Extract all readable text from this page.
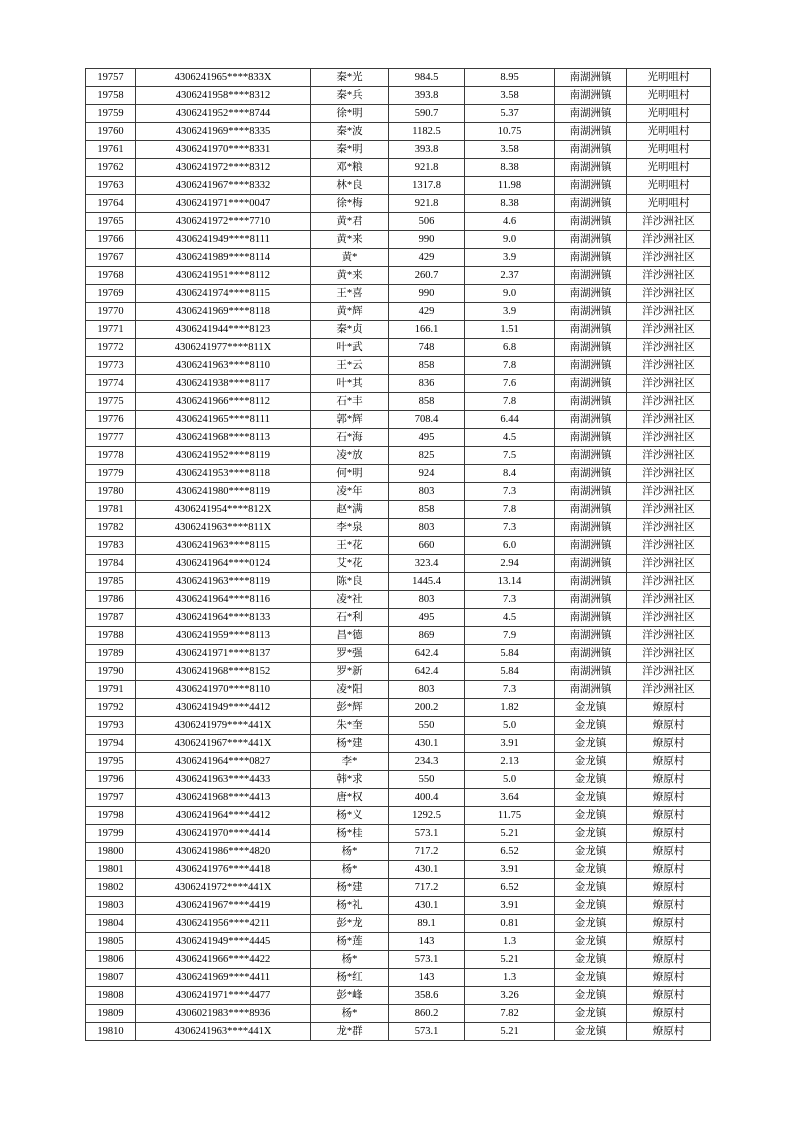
19757	4306241965****833X	秦*光	984.5	8.95	南湖洲镇	光明咀村
19758	4306241958****8312	秦*兵	393.8	3.58	南湖洲镇	光明咀村
19759	4306241952****8744	徐*明	590.7	5.37	南湖洲镇	光明咀村
19760	4306241969****8335	秦*波	1182.5	10.75	南湖洲镇	光明咀村
19761	4306241970****8331	秦*明	393.8	3.58	南湖洲镇	光明咀村
19762	4306241972****8312	邓*粮	921.8	8.38	南湖洲镇	光明咀村
19763	4306241967****8332	林*良	1317.8	11.98	南湖洲镇	光明咀村
19764	4306241971****0047	徐*梅	921.8	8.38	南湖洲镇	光明咀村
19765	4306241972****7710	黄*君	506	4.6	南湖洲镇	洋沙洲社区
19766	4306241949****8111	黄*来	990	9.0	南湖洲镇	洋沙洲社区
19767	4306241989****8114	黄*	429	3.9	南湖洲镇	洋沙洲社区
19768	4306241951****8112	黄*来	260.7	2.37	南湖洲镇	洋沙洲社区
19769	4306241974****8115	王*喜	990	9.0	南湖洲镇	洋沙洲社区
19770	4306241969****8118	黄*辉	429	3.9	南湖洲镇	洋沙洲社区
19771	4306241944****8123	秦*贞	166.1	1.51	南湖洲镇	洋沙洲社区
19772	4306241977****811X	叶*武	748	6.8	南湖洲镇	洋沙洲社区
19773	4306241963****8110	王*云	858	7.8	南湖洲镇	洋沙洲社区
19774	4306241938****8117	叶*其	836	7.6	南湖洲镇	洋沙洲社区
19775	4306241966****8112	石*丰	858	7.8	南湖洲镇	洋沙洲社区
19776	4306241965****8111	郭*辉	708.4	6.44	南湖洲镇	洋沙洲社区
19777	4306241968****8113	石*海	495	4.5	南湖洲镇	洋沙洲社区
19778	4306241952****8119	凌*放	825	7.5	南湖洲镇	洋沙洲社区
19779	4306241953****8118	何*明	924	8.4	南湖洲镇	洋沙洲社区
19780	4306241980****8119	凌*年	803	7.3	南湖洲镇	洋沙洲社区
19781	4306241954****812X	赵*满	858	7.8	南湖洲镇	洋沙洲社区
19782	4306241963****811X	李*泉	803	7.3	南湖洲镇	洋沙洲社区
19783	4306241963****8115	王*花	660	6.0	南湖洲镇	洋沙洲社区
19784	4306241964****0124	艾*花	323.4	2.94	南湖洲镇	洋沙洲社区
19785	4306241963****8119	陈*良	1445.4	13.14	南湖洲镇	洋沙洲社区
19786	4306241964****8116	凌*社	803	7.3	南湖洲镇	洋沙洲社区
19787	4306241964****8133	石*利	495	4.5	南湖洲镇	洋沙洲社区
19788	4306241959****8113	昌*德	869	7.9	南湖洲镇	洋沙洲社区
19789	4306241971****8137	罗*强	642.4	5.84	南湖洲镇	洋沙洲社区
19790	4306241968****8152	罗*新	642.4	5.84	南湖洲镇	洋沙洲社区
19791	4306241970****8110	凌*阳	803	7.3	南湖洲镇	洋沙洲社区
19792	4306241949****4412	彭*辉	200.2	1.82	金龙镇	燎原村
19793	4306241979****441X	朱*奎	550	5.0	金龙镇	燎原村
19794	4306241967****441X	杨*建	430.1	3.91	金龙镇	燎原村
19795	4306241964****0827	李*	234.3	2.13	金龙镇	燎原村
19796	4306241963****4433	韩*求	550	5.0	金龙镇	燎原村
19797	4306241968****4413	唐*权	400.4	3.64	金龙镇	燎原村
19798	4306241964****4412	杨*义	1292.5	11.75	金龙镇	燎原村
19799	4306241970****4414	杨*桂	573.1	5.21	金龙镇	燎原村
19800	4306241986****4820	杨*	717.2	6.52	金龙镇	燎原村
19801	4306241976****4418	杨*	430.1	3.91	金龙镇	燎原村
19802	4306241972****441X	杨*建	717.2	6.52	金龙镇	燎原村
19803	4306241967****4419	杨*礼	430.1	3.91	金龙镇	燎原村
19804	4306241956****4211	彭*龙	89.1	0.81	金龙镇	燎原村
19805	4306241949****4445	杨*莲	143	1.3	金龙镇	燎原村
19806	4306241966****4422	杨*	573.1	5.21	金龙镇	燎原村
19807	4306241969****4411	杨*红	143	1.3	金龙镇	燎原村
19808	4306241971****4477	彭*峰	358.6	3.26	金龙镇	燎原村
19809	4306021983****8936	杨*	860.2	7.82	金龙镇	燎原村
19810	4306241963****441X	龙*群	573.1	5.21	金龙镇	燎原村
